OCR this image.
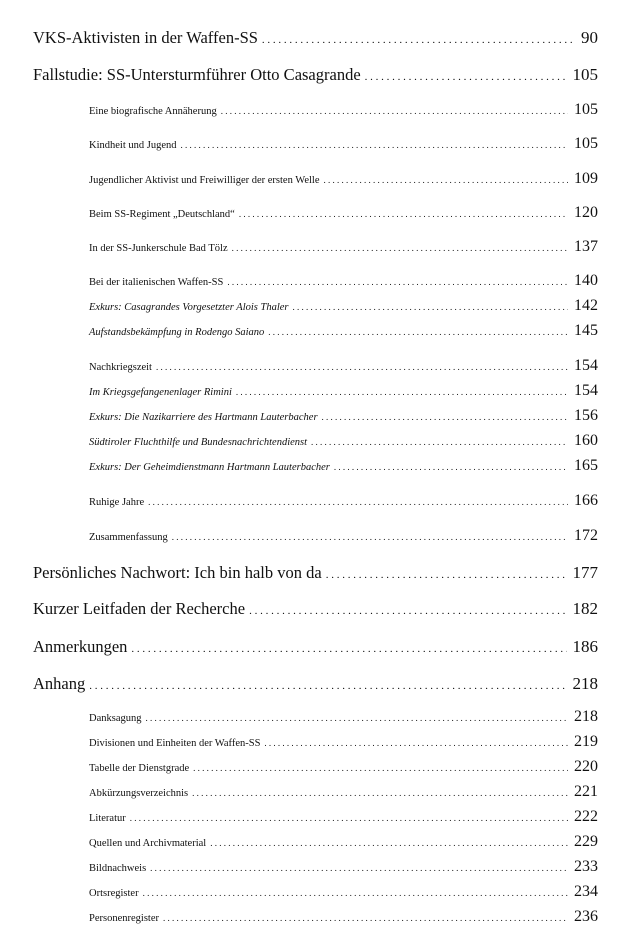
VKS-Aktivisten in der Waffen-SS . . .	90
Fallstudie: SS-Untersturmführer Otto Casagrande . . .	105
Eine biografische Annäherung . . .	105
Kindheit und Jugend . . .	105
Jugendlicher Aktivist und Freiwilliger der ersten Welle . . .	109
Beim SS-Regiment „Deutschland“ . . .	120
In der SS-Junkerschule Bad Tölz . . .	137
Bei der italienischen Waffen-SS . . .	140
Exkurs: Casagrandes Vorgesetzter Alois Thaler . . .	142
Aufstandsbekämpfung in Rodengo Saiano . . .	145
Nachkriegszeit . . .	154
Im Kriegsgefangenenlager Rimini . . .	154
Exkurs: Die Nazikarriere des Hartmann Lauterbacher . . .	156
Südtiroler Fluchthilfe und Bundesnachrichtendienst . . .	160
Exkurs: Der Geheimdienstmann Hartmann Lauterbacher . . .	165
Ruhige Jahre . . .	166
Zusammenfassung . . .	172
Persönliches Nachwort: Ich bin halb von da . . .	177
Kurzer Leitfaden der Recherche . . .	182
Anmerkungen . . .	186
Anhang . . .	218
Danksagung . . .	218
Divisionen und Einheiten der Waffen-SS . . .	219
Tabelle der Dienstgrade . . .	220
Abkürzungsverzeichnis . . .	221
Literatur . . .	222
Quellen und Archivmaterial . . .	229
Bildnachweis . . .	233
Ortsregister . . .	234
Personenregister . . .	236
